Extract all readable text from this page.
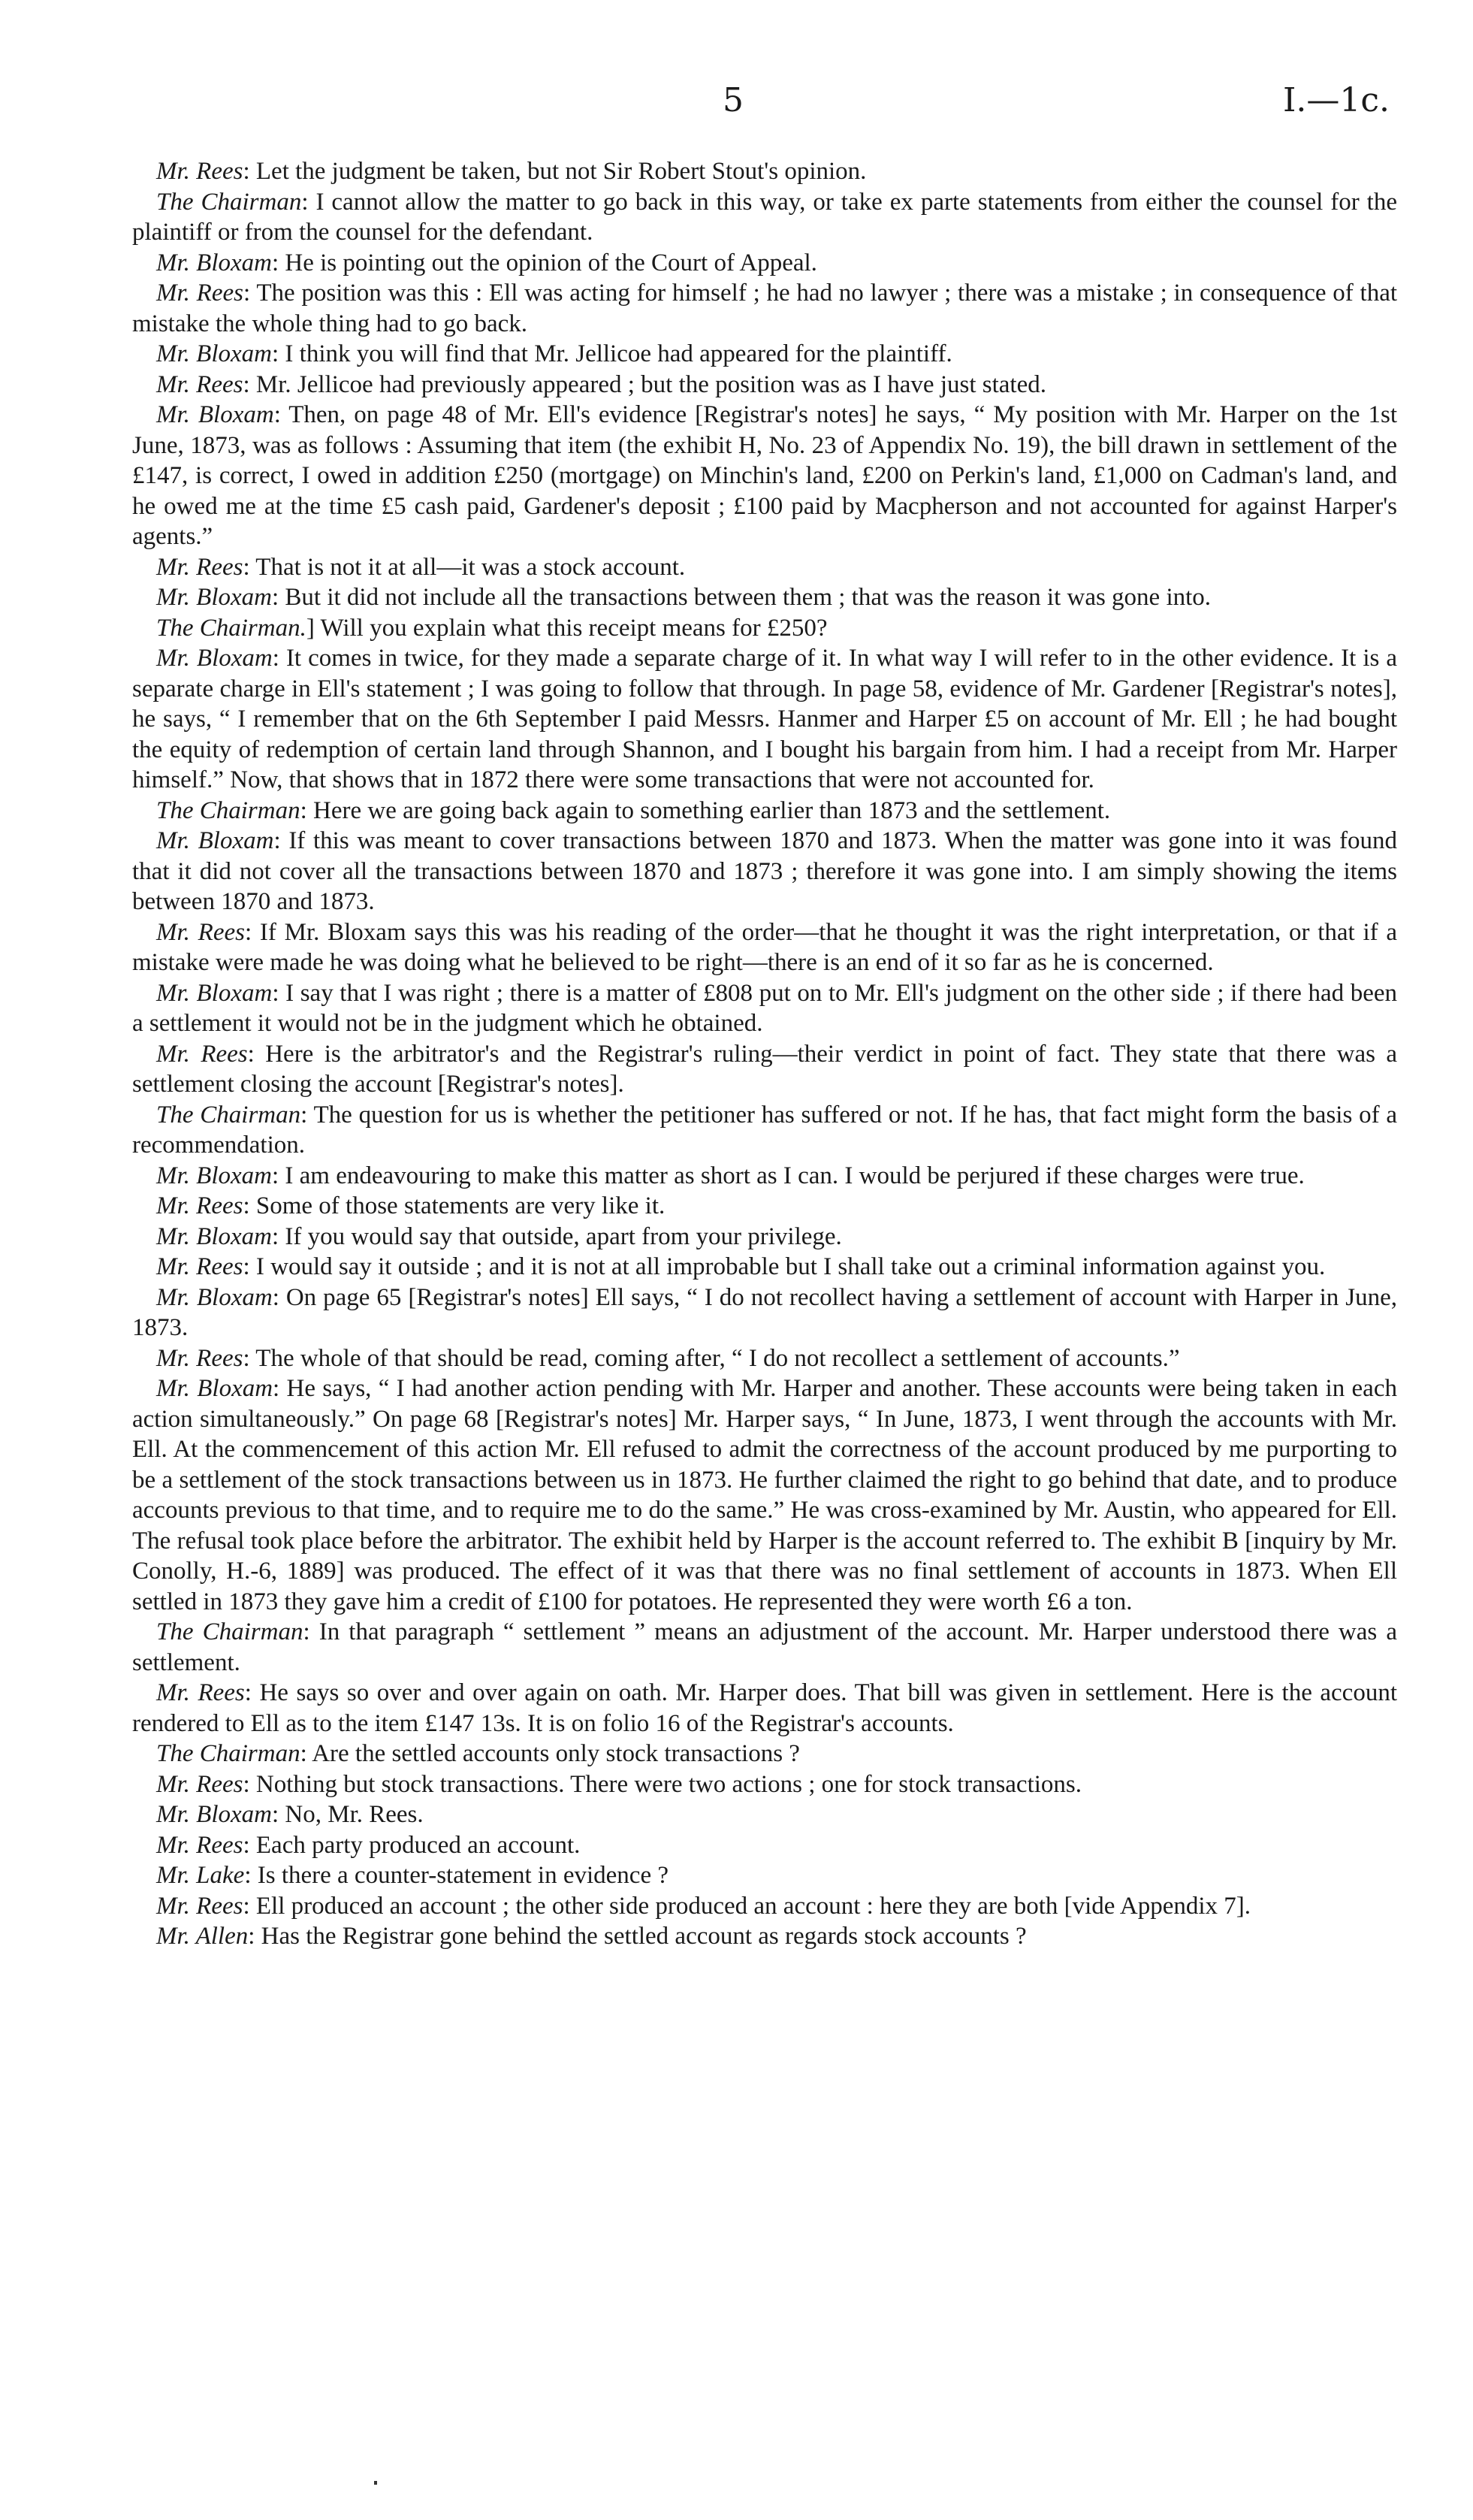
5	I.—1c.

Mr. Rees: Let the judgment be taken, but not Sir Robert Stout's opinion.

The Chairman: I cannot allow the matter to go back in this way, or take ex parte statements from either the counsel for the plaintiff or from the counsel for the defendant.

Mr. Bloxam: He is pointing out the opinion of the Court of Appeal.

Mr. Rees: The position was this : Ell was acting for himself ; he had no lawyer ; there was a mistake ; in consequence of that mistake the whole thing had to go back.

Mr. Bloxam: I think you will find that Mr. Jellicoe had appeared for the plaintiff.

Mr. Rees: Mr. Jellicoe had previously appeared ; but the position was as I have just stated.

Mr. Bloxam: Then, on page 48 of Mr. Ell's evidence [Registrar's notes] he says, “ My position with Mr. Harper on the 1st June, 1873, was as follows : Assuming that item (the exhibit H, No. 23 of Appendix No. 19), the bill drawn in settlement of the £147, is correct, I owed in addition £250 (mortgage) on Minchin's land, £200 on Perkin's land, £1,000 on Cadman's land, and he owed me at the time £5 cash paid, Gardener's deposit ; £100 paid by Macpherson and not accounted for against Harper's agents.”

Mr. Rees: That is not it at all—it was a stock account.

Mr. Bloxam: But it did not include all the transactions between them ; that was the reason it was gone into.

The Chairman.] Will you explain what this receipt means for £250?

Mr. Bloxam: It comes in twice, for they made a separate charge of it. In what way I will refer to in the other evidence. It is a separate charge in Ell's statement ; I was going to follow that through. In page 58, evidence of Mr. Gardener [Registrar's notes], he says, “ I remember that on the 6th September I paid Messrs. Hanmer and Harper £5 on account of Mr. Ell ; he had bought the equity of redemption of certain land through Shannon, and I bought his bargain from him. I had a receipt from Mr. Harper himself.” Now, that shows that in 1872 there were some transactions that were not accounted for.

The Chairman: Here we are going back again to something earlier than 1873 and the settlement.

Mr. Bloxam: If this was meant to cover transactions between 1870 and 1873. When the matter was gone into it was found that it did not cover all the transactions between 1870 and 1873 ; therefore it was gone into. I am simply showing the items between 1870 and 1873.

Mr. Rees: If Mr. Bloxam says this was his reading of the order—that he thought it was the right interpretation, or that if a mistake were made he was doing what he believed to be right—there is an end of it so far as he is concerned.

Mr. Bloxam: I say that I was right ; there is a matter of £808 put on to Mr. Ell's judgment on the other side ; if there had been a settlement it would not be in the judgment which he obtained.

Mr. Rees: Here is the arbitrator's and the Registrar's ruling—their verdict in point of fact. They state that there was a settlement closing the account [Registrar's notes].

The Chairman: The question for us is whether the petitioner has suffered or not. If he has, that fact might form the basis of a recommendation.

Mr. Bloxam: I am endeavouring to make this matter as short as I can. I would be perjured if these charges were true.

Mr. Rees: Some of those statements are very like it.

Mr. Bloxam: If you would say that outside, apart from your privilege.

Mr. Rees: I would say it outside ; and it is not at all improbable but I shall take out a criminal information against you.

Mr. Bloxam: On page 65 [Registrar's notes] Ell says, “ I do not recollect having a settlement of account with Harper in June, 1873.

Mr. Rees: The whole of that should be read, coming after, “ I do not recollect a settlement of accounts.”

Mr. Bloxam: He says, “ I had another action pending with Mr. Harper and another. These accounts were being taken in each action simultaneously.” On page 68 [Registrar's notes] Mr. Harper says, “ In June, 1873, I went through the accounts with Mr. Ell. At the commencement of this action Mr. Ell refused to admit the correctness of the account produced by me purporting to be a settlement of the stock transactions between us in 1873. He further claimed the right to go behind that date, and to produce accounts previous to that time, and to require me to do the same.” He was cross-examined by Mr. Austin, who appeared for Ell. The refusal took place before the arbitrator. The exhibit held by Harper is the account referred to. The exhibit B [inquiry by Mr. Conolly, H.-6, 1889] was produced. The effect of it was that there was no final settlement of accounts in 1873. When Ell settled in 1873 they gave him a credit of £100 for potatoes. He represented they were worth £6 a ton.

The Chairman: In that paragraph “ settlement ” means an adjustment of the account. Mr. Harper understood there was a settlement.

Mr. Rees: He says so over and over again on oath. Mr. Harper does. That bill was given in settlement. Here is the account rendered to Ell as to the item £147 13s. It is on folio 16 of the Registrar's accounts.

The Chairman: Are the settled accounts only stock transactions ?

Mr. Rees: Nothing but stock transactions. There were two actions ; one for stock transactions.

Mr. Bloxam: No, Mr. Rees.

Mr. Rees: Each party produced an account.

Mr. Lake: Is there a counter-statement in evidence ?

Mr. Rees: Ell produced an account ; the other side produced an account : here they are both [vide Appendix 7].

Mr. Allen: Has the Registrar gone behind the settled account as regards stock accounts ?
